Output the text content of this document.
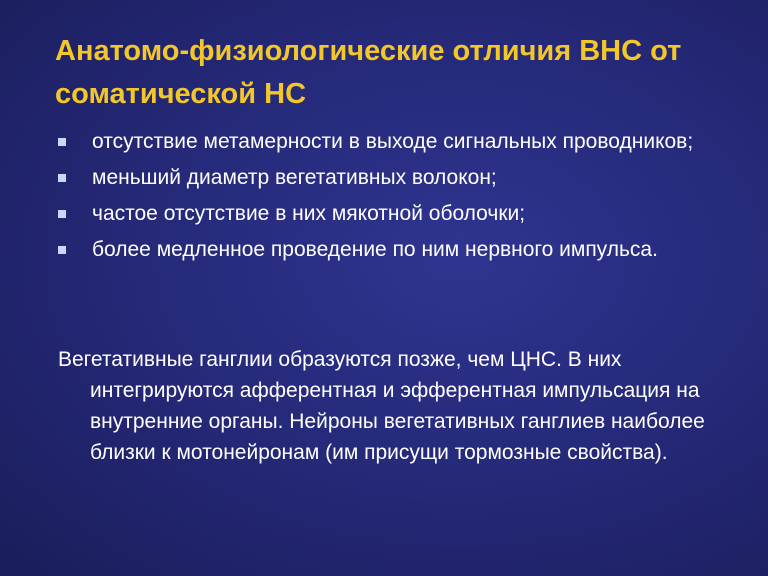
Анатомо-физиологические отличия ВНС от соматической НС
отсутствие метамерности в выходе сигнальных проводников;
меньший диаметр вегетативных волокон;
частое отсутствие в них мякотной оболочки;
более медленное проведение по ним нервного импульса.

Вегетативные ганглии образуются позже, чем ЦНС. В них интегрируются афферентная и эфферентная импульсация на внутренние органы. Нейроны вегетативных ганглиев наиболее близки к мотонейронам (им присущи тормозные свойства).
